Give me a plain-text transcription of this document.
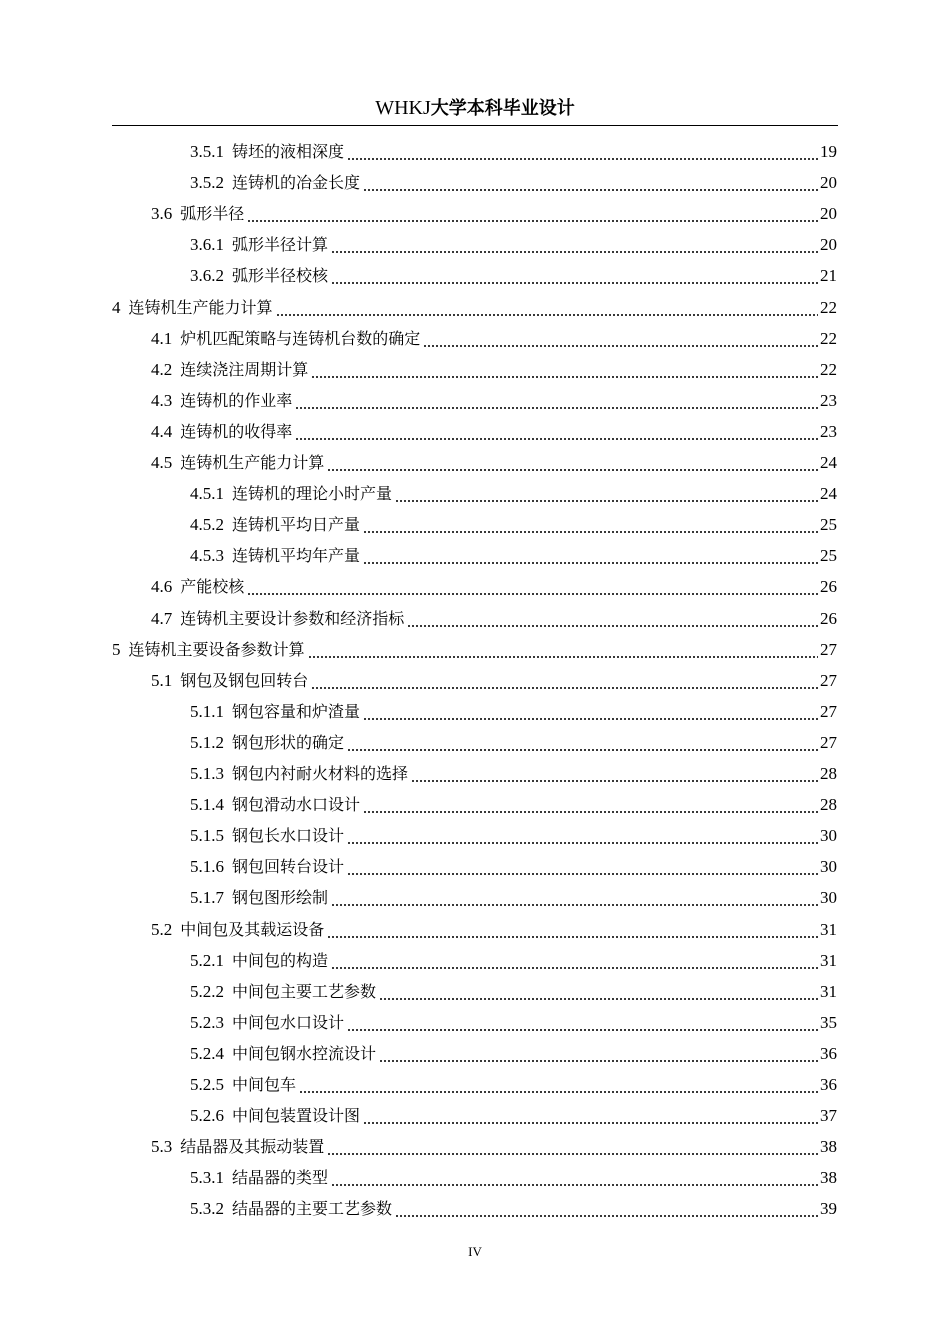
WHKJ大学本科毕业设计
3.5.1 铸坯的液相深度	19
3.5.2 连铸机的冶金长度	20
3.6 弧形半径	20
3.6.1 弧形半径计算	20
3.6.2 弧形半径校核	21
4 连铸机生产能力计算	22
4.1 炉机匹配策略与连铸机台数的确定	22
4.2 连续浇注周期计算	22
4.3 连铸机的作业率	23
4.4 连铸机的收得率	23
4.5 连铸机生产能力计算	24
4.5.1 连铸机的理论小时产量	24
4.5.2 连铸机平均日产量	25
4.5.3 连铸机平均年产量	25
4.6 产能校核	26
4.7 连铸机主要设计参数和经济指标	26
5 连铸机主要设备参数计算	27
5.1 钢包及钢包回转台	27
5.1.1 钢包容量和炉渣量	27
5.1.2 钢包形状的确定	27
5.1.3 钢包内衬耐火材料的选择	28
5.1.4 钢包滑动水口设计	28
5.1.5 钢包长水口设计	30
5.1.6 钢包回转台设计	30
5.1.7 钢包图形绘制	30
5.2 中间包及其载运设备	31
5.2.1 中间包的构造	31
5.2.2 中间包主要工艺参数	31
5.2.3 中间包水口设计	35
5.2.4 中间包钢水控流设计	36
5.2.5 中间包车	36
5.2.6 中间包装置设计图	37
5.3 结晶器及其振动装置	38
5.3.1 结晶器的类型	38
5.3.2 结晶器的主要工艺参数	39
IV
